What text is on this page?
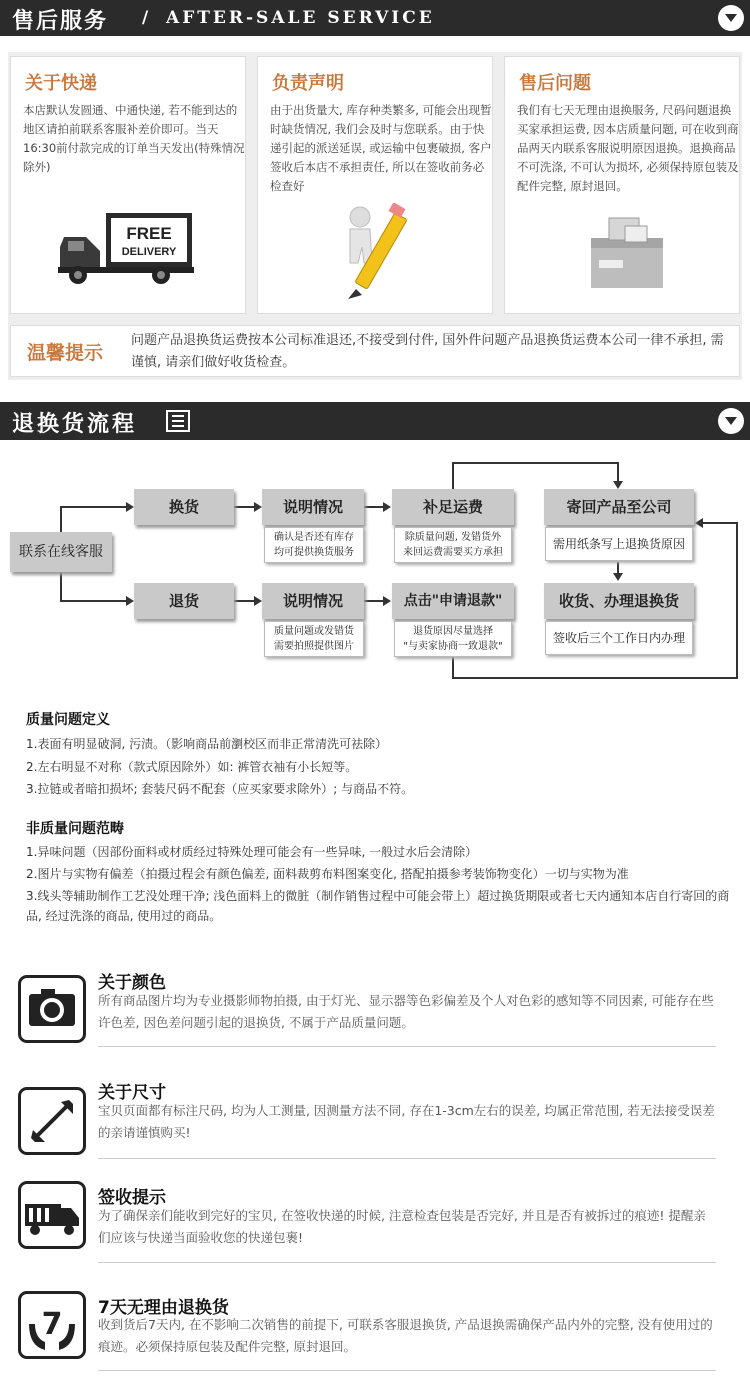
售后服务 / AFTER-SALE SERVICE
关于快递
本店默认发圆通、中通快递, 若不能到达的地区请拍前联系客服补差价即可。当天16:30前付款完成的订单当天发出(特殊情况除外)
FREE
DELIVERY
负责声明
由于出货量大, 库存种类繁多, 可能会出现暂时缺货情况, 我们会及时与您联系。由于快递引起的派送延误, 或运输中包裹破损, 客户签收后本店不承担责任, 所以在签收前务必检查好
售后问题
我们有七天无理由退换服务, 尺码问题退换买家承担运费, 因本店质量问题, 可在收到商品两天内联系客服说明原因退换。退换商品不可洗涤, 不可认为损坏, 必须保持原包装及配件完整, 原封退回。
温馨提示
问题产品退换货运费按本公司标准退还,不接受到付件, 国外件问题产品退换货运费本公司一律不承担, 需谨慎, 请亲们做好收货检查。
退换货流程
联系在线客服
换货
退货
说明情况
确认是否还有库存
均可提供换货服务
说明情况
质量问题或发错货
需要拍照提供图片
补足运费
除质量问题, 发错货外
来回运费需要买方承担
点击"申请退款"
退货原因尽量选择
"与卖家协商一致退款"
寄回产品至公司
需用纸条写上退换货原因
收货、办理退换货
签收后三个工作日内办理
质量问题定义
1.表面有明显破洞, 污渍。（影响商品前瀏校区而非正常清洗可祛除）
2.左右明显不对称（款式原因除外）如: 裤管衣袖有小长短等。
3.拉链或者暗扣损坏; 套装尺码不配套（应买家要求除外）; 与商品不符。
非质量问题范畴
1.异味问题（因部份面料或材质经过特殊处理可能会有一些异味, 一般过水后会清除）
2.图片与实物有偏差（拍摄过程会有颜色偏差, 面料裁剪布料图案变化, 搭配拍摄参考装饰物变化）一切与实物为准
3.线头等辅助制作工艺没处理干净; 浅色面料上的微脏（制作销售过程中可能会带上）超过换货期限或者七天内通知本店自行寄回的商品, 经过洗涤的商品, 使用过的商品。
关于颜色
所有商品图片均为专业摄影师物拍摄, 由于灯光、显示器等色彩偏差及个人对色彩的感知等不同因素, 可能存在些许色差, 因色差问题引起的退换货, 不属于产品质量问题。
关于尺寸
宝贝页面都有标注尺码, 均为人工测量, 因测量方法不同, 存在1-3cm左右的误差, 均属正常范围, 若无法接受误差的亲请谨慎购买!
签收提示
为了确保亲们能收到完好的宝贝, 在签收快递的时候, 注意检查包装是否完好, 并且是否有被拆过的痕迹! 提醒亲们应该与快递当面验收您的快递包裹!
7 7天无理由退换货
收到货后7天内, 在不影响二次销售的前提下, 可联系客服退换货, 产品退换需确保产品内外的完整, 没有使用过的痕迹。必须保持原包装及配件完整, 原封退回。
